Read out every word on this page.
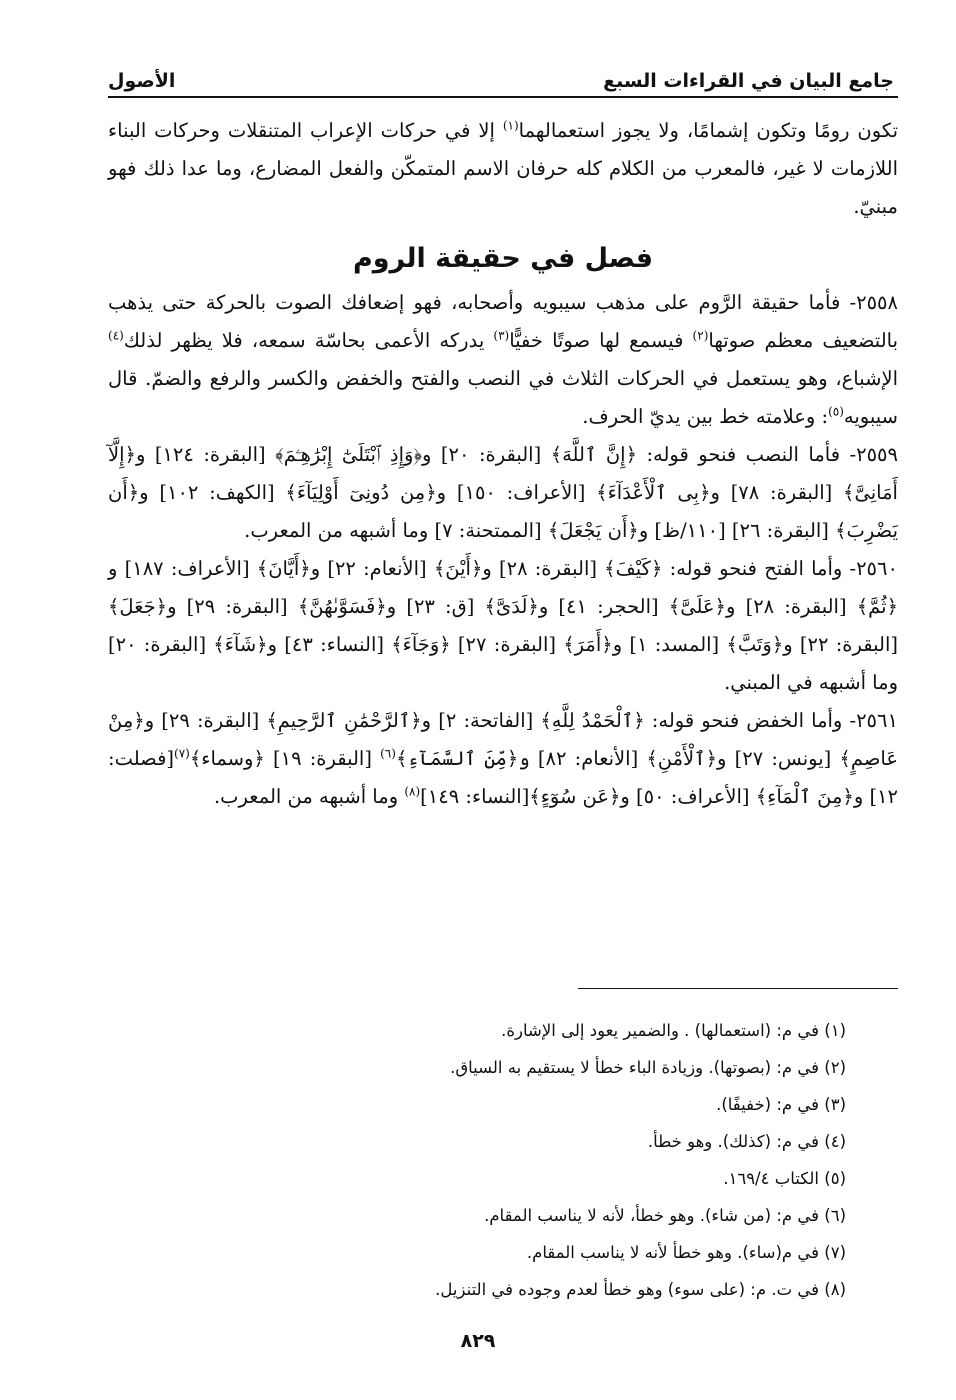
جامع البيان في القراءات السبع
الأصول

تكون رومًا وتكون إشمامًا، ولا يجوز استعمالهما$^{(١)}$ إلا في حركات الإعراب المتنقلات وحركات البناء اللازمات لا غير، فالمعرب من الكلام كله حرفان الاسم المتمكّن والفعل المضارع، وما عدا ذلك فهو مبنيّ.

فصل في حقيقة الروم

٢٥٥٨- فأما حقيقة الرَّوم على مذهب سيبويه وأصحابه، فهو إضعافك الصوت بالحركة حتى يذهب بالتضعيف معظم صوتها$^{(٢)}$ فيسمع لها صوتًا خفيًّا$^{(٣)}$ يدركه الأعمى بحاسّة سمعه، فلا يظهر لذلك$^{(٤)}$ الإشباع، وهو يستعمل في الحركات الثلاث في النصب والفتح والخفض والكسر والرفع والضمّ. قال سيبويه$^{(٥)}$: وعلامته خط بين يديّ الحرف.

٢٥٥٩- فأما النصب فنحو قوله: ﴿إِنَّ ٱللَّهَ﴾ [البقرة: ٢٠] و﴿وَإِذِ ٱبْتَلَىٰٓ إِبْرَٰهِـۧمَ﴾ [البقرة: ١٢٤] و﴿إِلَّآ أَمَانِىَّ﴾ [البقرة: ٧٨] و﴿بِى ٱلْأَعْدَآءَ﴾ [الأعراف: ١٥٠] و﴿مِن دُونِىٓ أَوْلِيَآءَ﴾ [الكهف: ١٠٢] و﴿أَن يَضْرِبَ﴾ [البقرة: ٢٦] [١١٠/ظ] و﴿أَن يَجْعَلَ﴾ [الممتحنة: ٧] وما أشبهه من المعرب.

٢٥٦٠- وأما الفتح فنحو قوله: ﴿كَيْفَ﴾ [البقرة: ٢٨] و﴿أَيْنَ﴾ [الأنعام: ٢٢] و﴿أَيَّانَ﴾ [الأعراف: ١٨٧] و ﴿ثُمَّ﴾ [البقرة: ٢٨] و﴿عَلَىَّ﴾ [الحجر: ٤١] و﴿لَدَىَّ﴾ [ق: ٢٣] و﴿فَسَوَّىٰهُنَّ﴾ [البقرة: ٢٩] و﴿جَعَلَ﴾ [البقرة: ٢٢] و﴿وَتَبَّ﴾ [المسد: ١] و﴿أَمَرَ﴾ [البقرة: ٢٧] ﴿وَجَآءَ﴾ [النساء: ٤٣] و﴿شَآءَ﴾ [البقرة: ٢٠] وما أشبهه في المبني.

٢٥٦١- وأما الخفض فنحو قوله: ﴿ٱلْحَمْدُ لِلَّهِ﴾ [الفاتحة: ٢] و﴿ٱلرَّحْمَٰنِ ٱلرَّحِيمِ﴾ [البقرة: ٢٩] و﴿مِنْ عَاصِمٍ﴾ [يونس: ٢٧] و﴿ٱلْأَمْنِ﴾ [الأنعام: ٨٢] و﴿مِّنَ ٱلسَّمَآءِ﴾$^{(٦)}$ [البقرة: ١٩] ﴿وسماء﴾$^{(٧)}$[فصلت: ١٢] و﴿مِنَ ٱلْمَآءِ﴾ [الأعراف: ٥٠] و﴿عَن سُوٓءٍ﴾[النساء: ١٤٩]$^{(٨)}$ وما أشبهه من المعرب.

(١) في م: (استعمالها) . والضمير يعود إلى الإشارة.
(٢) في م: (بصوتها). وزيادة الباء خطأ لا يستقيم به السياق.
(٣) في م: (خفيفًا).
(٤) في م: (كذلك). وهو خطأ.
(٥) الكتاب ١٦٩/٤.
(٦) في م: (من شاء). وهو خطأ، لأنه لا يناسب المقام.
(٧) في م(ساء). وهو خطأ لأنه لا يناسب المقام.
(٨) في ت. م: (على سوء) وهو خطأ لعدم وجوده في التنزيل.
٨٢٩
